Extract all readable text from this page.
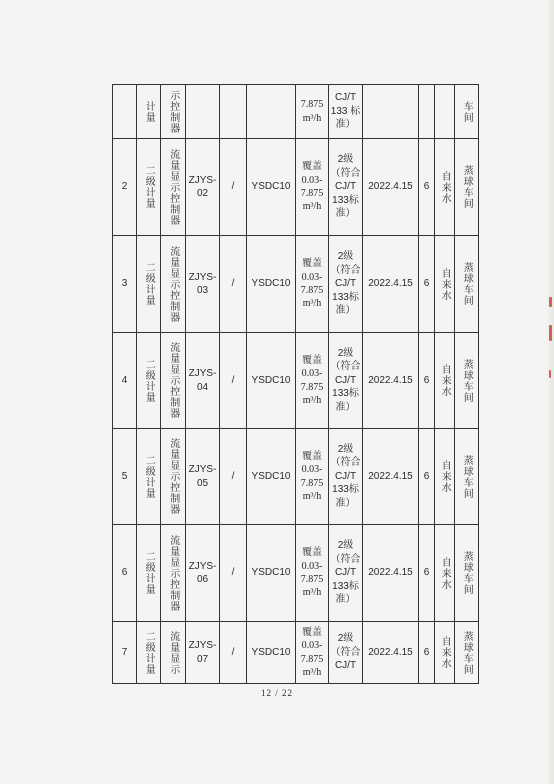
	计量	示控制器				7.875 m³/h	CJ/T 133 标准）				车间
2	二级计量	流量显示控制器	ZJYS-02	/	YSDC10	覆盖0.03-7.875 m³/h	2级（符合CJ/T 133标准）	2022.4.15	6	自来水	蒸球车间
3	二级计量	流量显示控制器	ZJYS-03	/	YSDC10	覆盖0.03-7.875 m³/h	2级（符合CJ/T 133标准）	2022.4.15	6	自来水	蒸球车间
4	二级计量	流量显示控制器	ZJYS-04	/	YSDC10	覆盖0.03-7.875 m³/h	2级（符合CJ/T 133标准）	2022.4.15	6	自来水	蒸球车间
5	二级计量	流量显示控制器	ZJYS-05	/	YSDC10	覆盖0.03-7.875 m³/h	2级（符合CJ/T 133标准）	2022.4.15	6	自来水	蒸球车间
6	二级计量	流量显示控制器	ZJYS-06	/	YSDC10	覆盖0.03-7.875 m³/h	2级（符合CJ/T 133标准）	2022.4.15	6	自来水	蒸球车间
7	二级计量	流量显示	ZJYS-07	/	YSDC10	覆盖0.03-7.875 m³/h	2级（符合CJ/T	2022.4.15	6	自来水	蒸球车间
12 / 22
